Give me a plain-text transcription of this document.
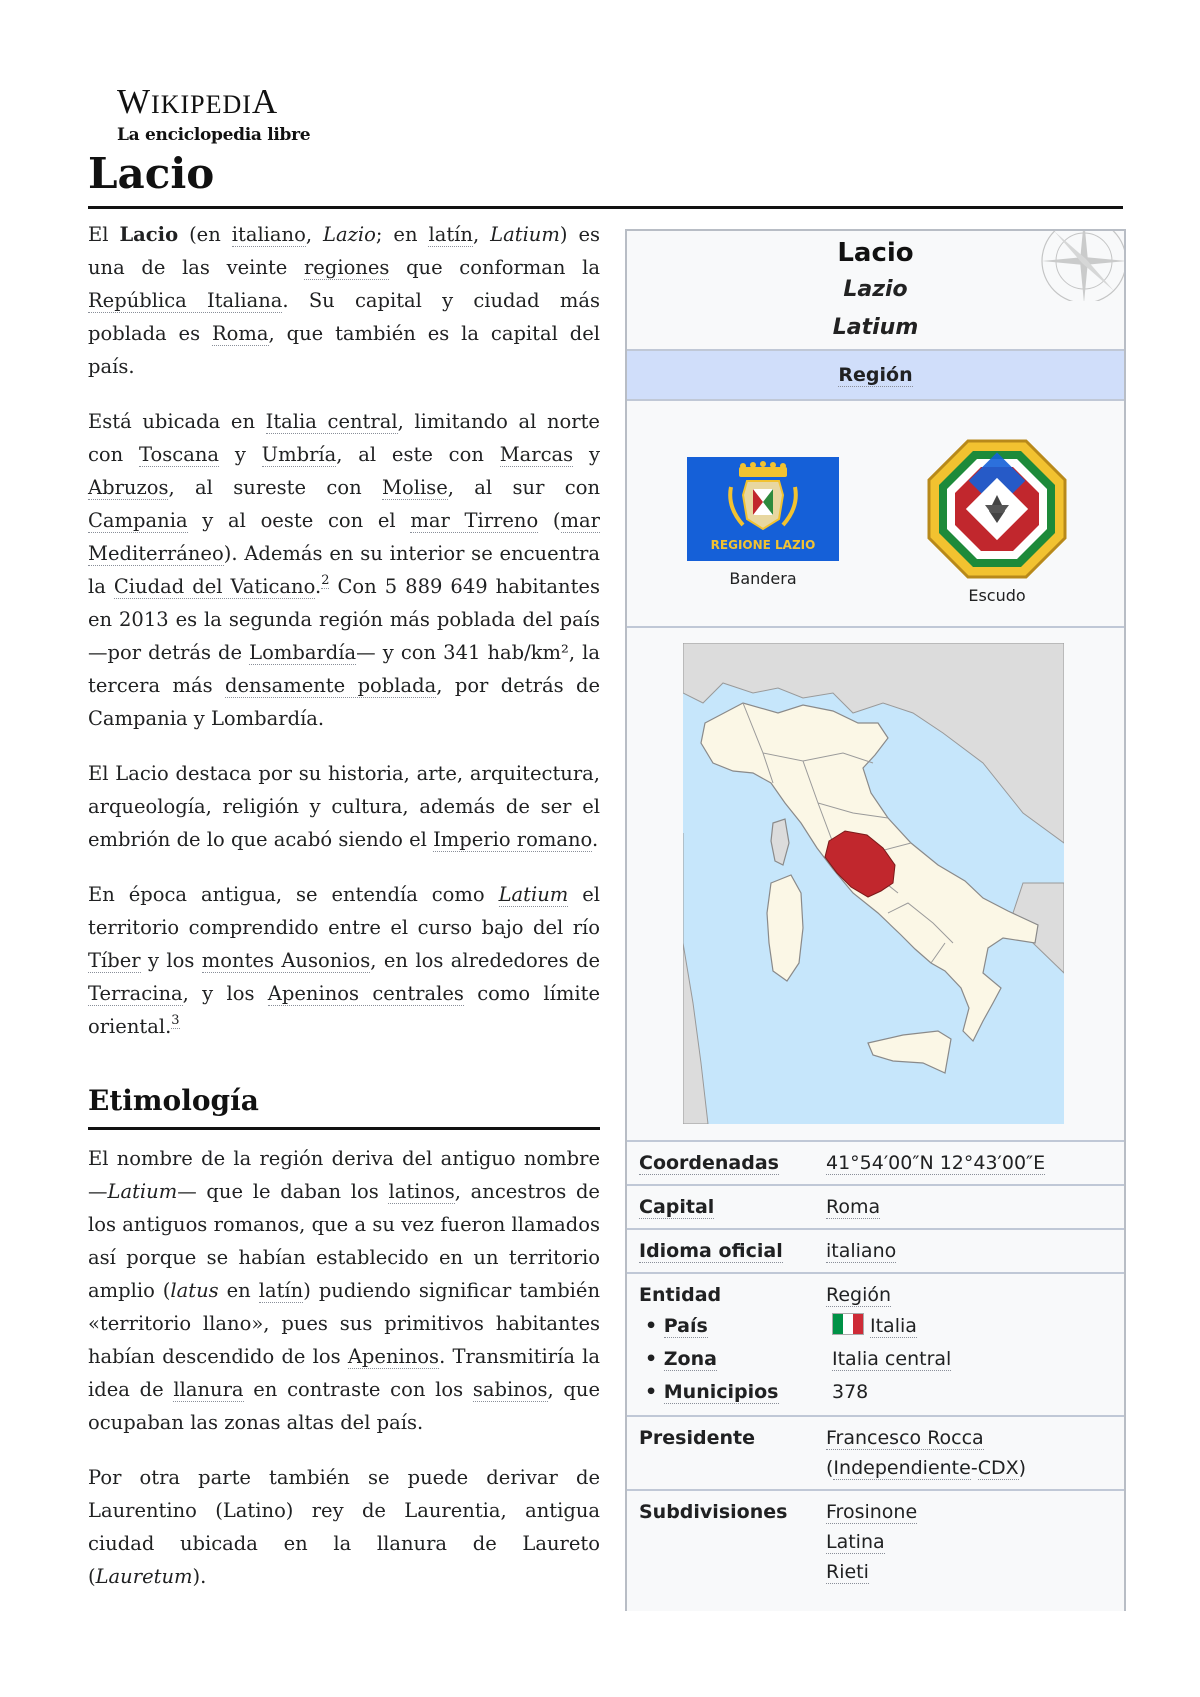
WIKIPEDIA
La enciclopedia libre
Lacio

El Lacio (en italiano, Lazio; en latín, Latium) es una de las veinte regiones que conforman la República Italiana. Su capital y ciudad más poblada es Roma, que también es la capital del país.

Está ubicada en Italia central, limitando al norte con Toscana y Umbría, al este con Marcas y Abruzos, al sureste con Molise, al sur con Campania y al oeste con el mar Tirreno (mar Mediterráneo). Además en su interior se encuentra la Ciudad del Vaticano.$^2$ Con 5 889 649 habitantes en 2013 es la segunda región más poblada del país —por detrás de Lombardía— y con 341 hab/km², la tercera más densamente poblada, por detrás de Campania y Lombardía.

El Lacio destaca por su historia, arte, arquitectura, arqueología, religión y cultura, además de ser el embrión de lo que acabó siendo el Imperio romano.

En época antigua, se entendía como Latium el territorio comprendido entre el curso bajo del río Tíber y los montes Ausonios, en los alrededores de Terracina, y los Apeninos centrales como límite oriental.$^3$

Etimología

El nombre de la región deriva del antiguo nombre —Latium— que le daban los latinos, ancestros de los antiguos romanos, que a su vez fueron llamados así porque se habían establecido en un territorio amplio (latus en latín) pudiendo significar también «territorio llano», pues sus primitivos habitantes habían descendido de los Apeninos. Transmitiría la idea de llanura en contraste con los sabinos, que ocupaban las zonas altas del país.

Por otra parte también se puede derivar de Laurentino (Latino) rey de Laurentia, antigua ciudad ubicada en la llanura de Laureto (Lauretum).

Lacio
Lazio
Latium
Región
REGIONE LAZIO
Bandera
Escudo
Coordenadas	41°54′00″N 12°43′00″E
Capital	Roma
Idioma oficial	italiano
Entidad	Región
• País	Italia
• Zona	Italia central
• Municipios	378
Presidente	Francesco Rocca
(Independiente-CDX)
Subdivisiones	Frosinone
Latina
Rieti
